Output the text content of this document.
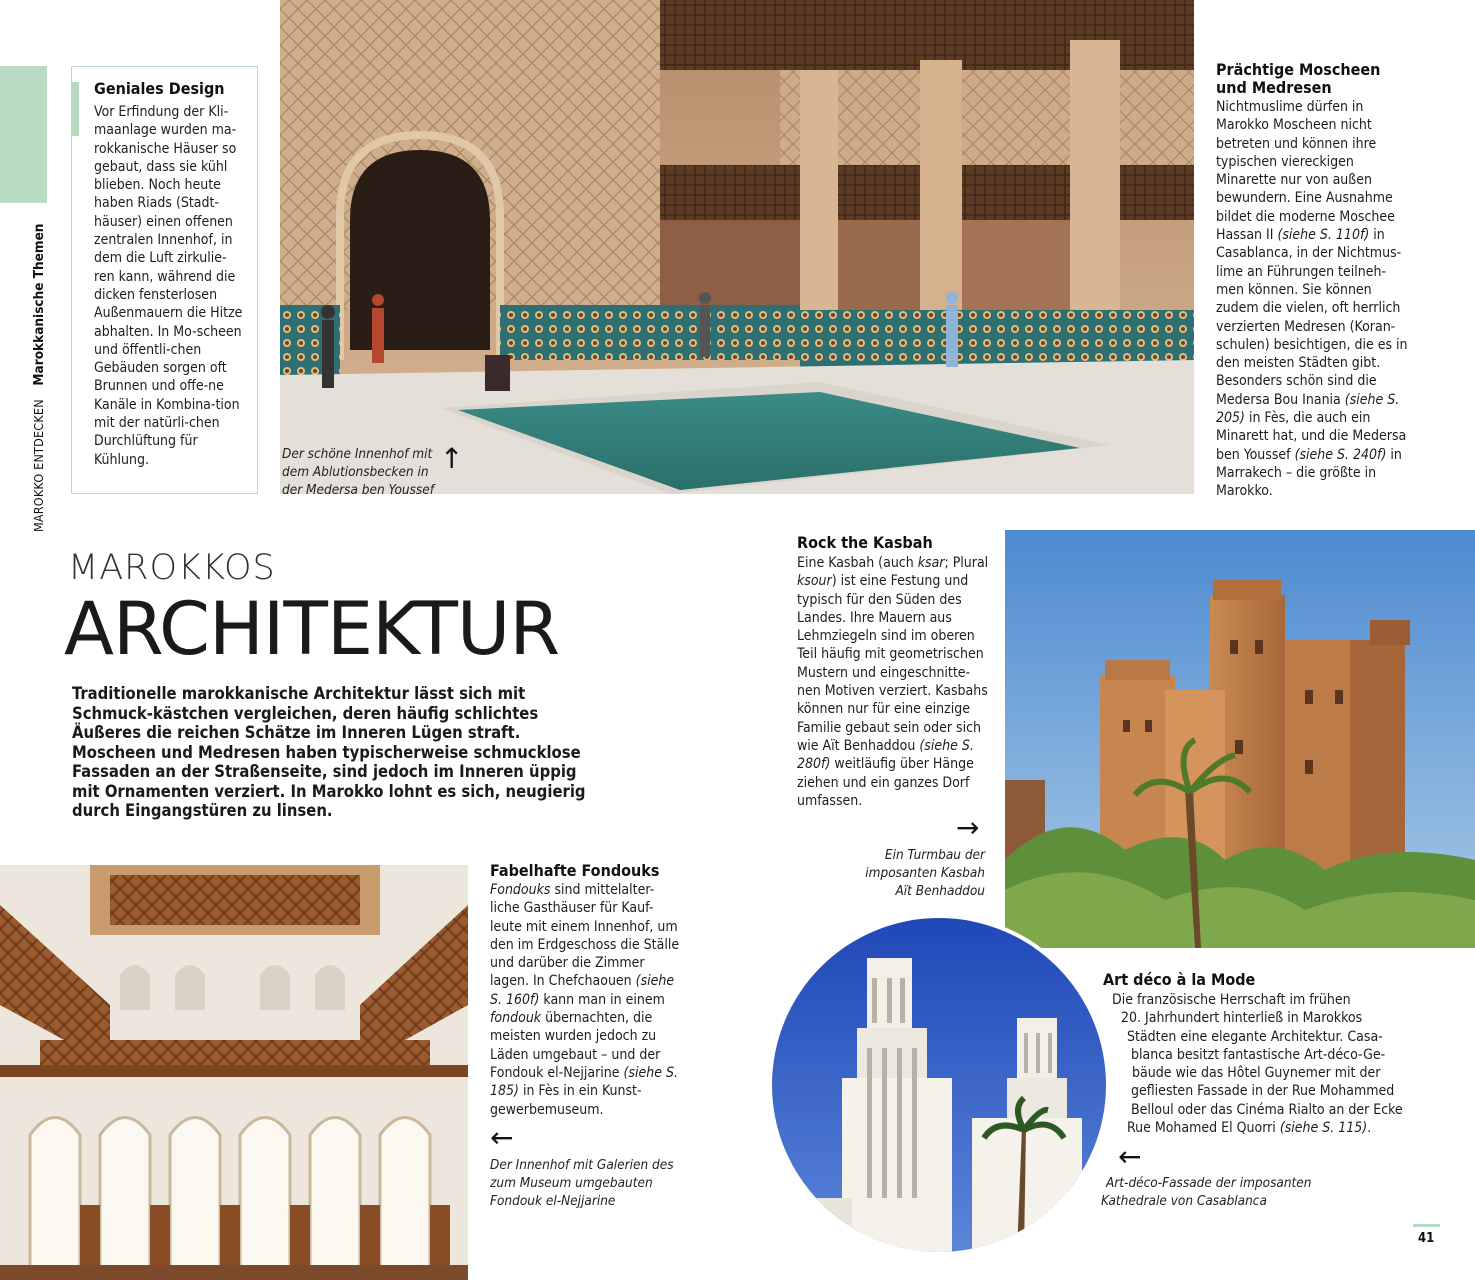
MAROKKO ENTDECKEN Marokkanische Themen
Geniales Design
Vor Erfindung der Kli-maanlage wurden ma-rokkanische Häuser so gebaut, dass sie kühl blieben. Noch heute haben Riads (Stadt-häuser) einen offenen zentralen Innenhof, in dem die Luft zirkulie-ren kann, während die dicken fensterlosen Außenmauern die Hitze abhalten. In Mo-scheen und öffentli-chen Gebäuden sorgen oft Brunnen und offe-ne Kanäle in Kombina-tion mit der natürli-chen Durchlüftung für Kühlung.	Der schöne Innenhof mit
dem Ablutionsbecken in
der Medersa ben Youssef
↑
Prächtige Moscheen
und Medresen
Nichtmuslime dürfen in Marokko Moscheen nicht betreten und können ihre typischen viereckigen Minarette nur von außen bewundern. Eine Ausnahme bildet die moderne Moschee Hassan II (siehe S. 110f) in Casablanca, in der Nichtmus-lime an Führungen teilneh-men können. Sie können zudem die vielen, oft herrlich verzierten Medresen (Koran-schulen) besichtigen, die es in den meisten Städten gibt. Besonders schön sind die Medersa Bou Inania (siehe S. 205) in Fès, die auch ein Minarett hat, und die Medersa ben Youssef (siehe S. 240f) in Marrakech – die größte in Marokko.
MAROKKOS
ARCHITEKTUR
Traditionelle marokkanische Architektur lässt sich mit Schmuck-kästchen vergleichen, deren häufig schlichtes Äußeres die reichen Schätze im Inneren Lügen straft. Moscheen und Medresen haben typischerweise schmucklose Fassaden an der Straßenseite, sind jedoch im Inneren üppig mit Ornamenten verziert. In Marokko lohnt es sich, neugierig durch Eingangstüren zu linsen.
Rock the Kasbah
Eine Kasbah (auch ksar; Plural ksour) ist eine Festung und typisch für den Süden des Landes. Ihre Mauern aus Lehmziegeln sind im oberen Teil häufig mit geometrischen Mustern und eingeschnitte-nen Motiven verziert. Kasbahs können nur für eine einzige Familie gebaut sein oder sich wie Aït Benhaddou (siehe S. 280f) weitläufig über Hänge ziehen und ein ganzes Dorf umfassen.
→
Ein Turmbau der
imposanten Kasbah
Aït Benhaddou
Fabelhafte Fondouks
Fondouks sind mittelalter-liche Gasthäuser für Kauf-leute mit einem Innenhof, um den im Erdgeschoss die Ställe und darüber die Zimmer lagen. In Chefchaouen (siehe S. 160f) kann man in einem fondouk übernachten, die meisten wurden jedoch zu Läden umgebaut – und der Fondouk el-Nejjarine (siehe S. 185) in Fès in ein Kunst-gewerbemuseum.
←
Der Innenhof mit Galerien des
zum Museum umgebauten
Fondouk el-Nejjarine
Art déco à la Mode
Die französische Herrschaft im frühen
20. Jahrhundert hinterließ in Marokkos
Städten eine elegante Architektur. Casa-
blanca besitzt fantastische Art-déco-Ge-
bäude wie das Hôtel Guynemer mit der
gefliesten Fassade in der Rue Mohammed
Belloul oder das Cinéma Rialto an der Ecke
Rue Mohamed El Quorri (siehe S. 115).
←
Art-déco-Fassade der imposanten
Kathedrale von Casablanca
41
